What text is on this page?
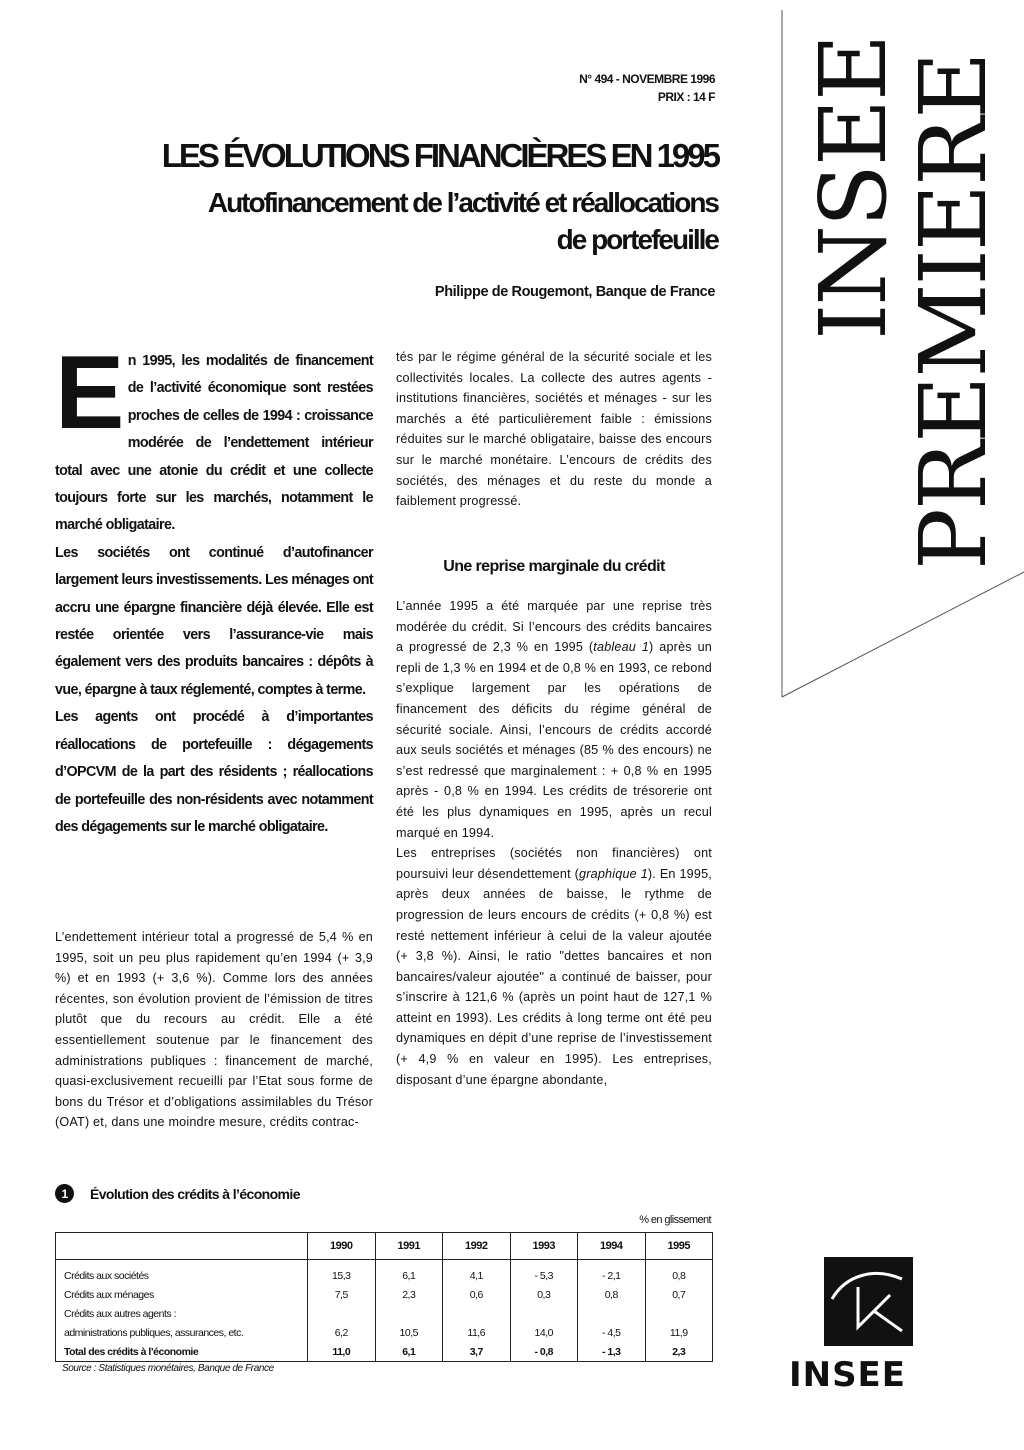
N° 494 - NOVEMBRE 1996
PRIX : 14 F
LES ÉVOLUTIONS FINANCIÈRES EN 1995
Autofinancement de l’activité et réallocations
de portefeuille
Philippe de Rougemont, Banque de France INSEE
PREMIERE

En 1995, les modalités de financement de l’activité économique sont restées proches de celles de 1994 : croissance modérée de l’endettement intérieur total avec une atonie du crédit et une collecte toujours forte sur les marchés, notamment le marché obligataire.

Les sociétés ont continué d’autofinancer largement leurs investissements. Les ménages ont accru une épargne financière déjà élevée. Elle est restée orientée vers l’assurance-vie mais également vers des produits bancaires : dépôts à vue, épargne à taux réglementé, comptes à terme.

Les agents ont procédé à d’importantes réallocations de portefeuille : dégagements d’OPCVM de la part des résidents ; réallocations de portefeuille des non-résidents avec notamment des dégagements sur le marché obligataire.

L’endettement intérieur total a progressé de 5,4 % en 1995, soit un peu plus rapidement qu’en 1994 (+ 3,9 %) et en 1993 (+ 3,6 %). Comme lors des années récentes, son évolution provient de l’émission de titres plutôt que du recours au crédit. Elle a été essentiellement soutenue par le financement des administrations publiques : financement de marché, quasi-exclusivement recueilli par l’Etat sous forme de bons du Trésor et d’obligations assimilables du Trésor (OAT) et, dans une moindre mesure, crédits contrac-

tés par le régime général de la sécurité sociale et les collectivités locales. La collecte des autres agents - institutions financières, sociétés et ménages - sur les marchés a été particulièrement faible : émissions réduites sur le marché obligataire, baisse des encours sur le marché monétaire. L’encours de crédits des sociétés, des ménages et du reste du monde a faiblement progressé.

Une reprise marginale du crédit

L’année 1995 a été marquée par une reprise très modérée du crédit. Si l’encours des crédits bancaires a progressé de 2,3 % en 1995 (tableau 1) après un repli de 1,3 % en 1994 et de 0,8 % en 1993, ce rebond s’explique largement par les opérations de financement des déficits du régime général de sécurité sociale. Ainsi, l’encours de crédits accordé aux seuls sociétés et ménages (85 % des encours) ne s’est redressé que marginalement : + 0,8 % en 1995 après - 0,8 % en 1994. Les crédits de trésorerie ont été les plus dynamiques en 1995, après un recul marqué en 1994.

Les entreprises (sociétés non financières) ont poursuivi leur désendettement (graphique 1). En 1995, après deux années de baisse, le rythme de progression de leurs encours de crédits (+ 0,8 %) est resté nettement inférieur à celui de la valeur ajoutée (+ 3,8 %). Ainsi, le ratio "dettes bancaires et non bancaires/valeur ajoutée" a continué de baisser, pour s’inscrire à 121,6 % (après un point haut de 127,1 % atteint en 1993). Les crédits à long terme ont été peu dynamiques en dépit d’une reprise de l’investissement (+ 4,9 % en valeur en 1995). Les entreprises, disposant d’une épargne abondante,

1	Évolution des crédits à l’économie
% en glissement
	1990	1991	1992	1993	1994	1995
Crédits aux sociétés	15,3	6,1	4,1	- 5,3	- 2,1	0,8
Crédits aux ménages	7,5	2,3	0,6	0,3	0,8	0,7
Crédits aux autres agents :						
administrations publiques, assurances, etc.	6,2	10,5	11,6	14,0	- 4,5	11,9
Total des crédits à l’économie	11,0	6,1	3,7	- 0,8	- 1,3	2,3
Source : Statistiques monétaires, Banque de France	INSEE
